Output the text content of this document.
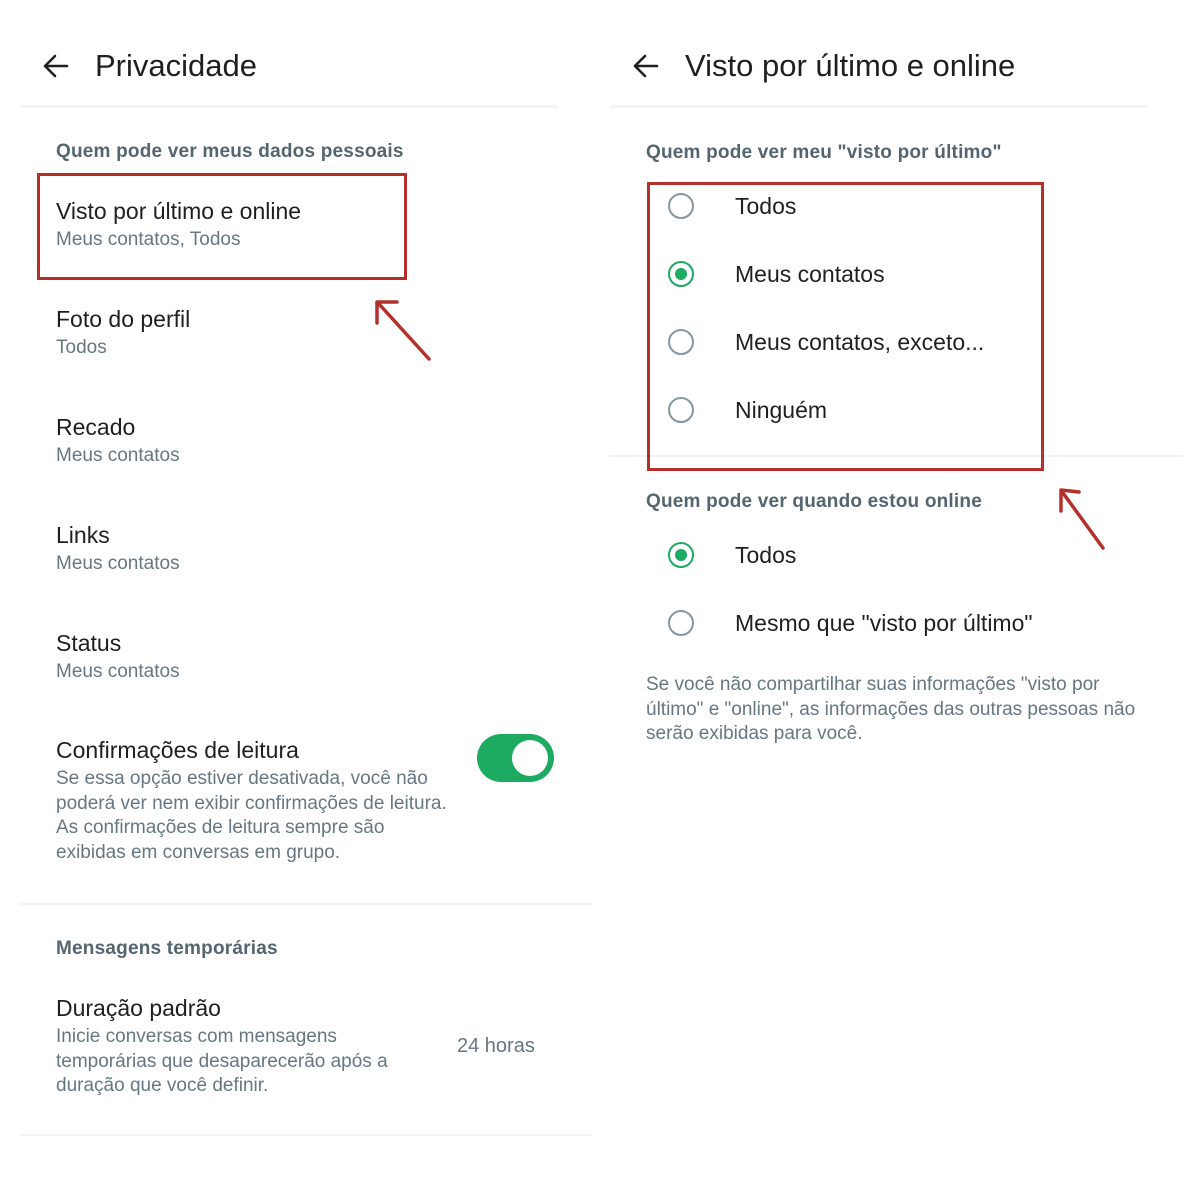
Privacidade
Quem pode ver meus dados pessoais
Visto por último e online
Meus contatos, Todos
Foto do perfil
Todos
Recado
Meus contatos
Links
Meus contatos
Status
Meus contatos
Confirmações de leitura
Se essa opção estiver desativada, você não poderá ver nem exibir confirmações de leitura. As confirmações de leitura sempre são exibidas em conversas em grupo.
Mensagens temporárias
Duração padrão
Inicie conversas com mensagens temporárias que desaparecerão após a duração que você definir.
24 horas
Visto por último e online
Quem pode ver meu "visto por último"
Todos
Meus contatos
Meus contatos, exceto...
Ninguém
Quem pode ver quando estou online
Todos
Mesmo que "visto por último"
Se você não compartilhar suas informações "visto por último" e "online", as informações das outras pessoas não serão exibidas para você.
